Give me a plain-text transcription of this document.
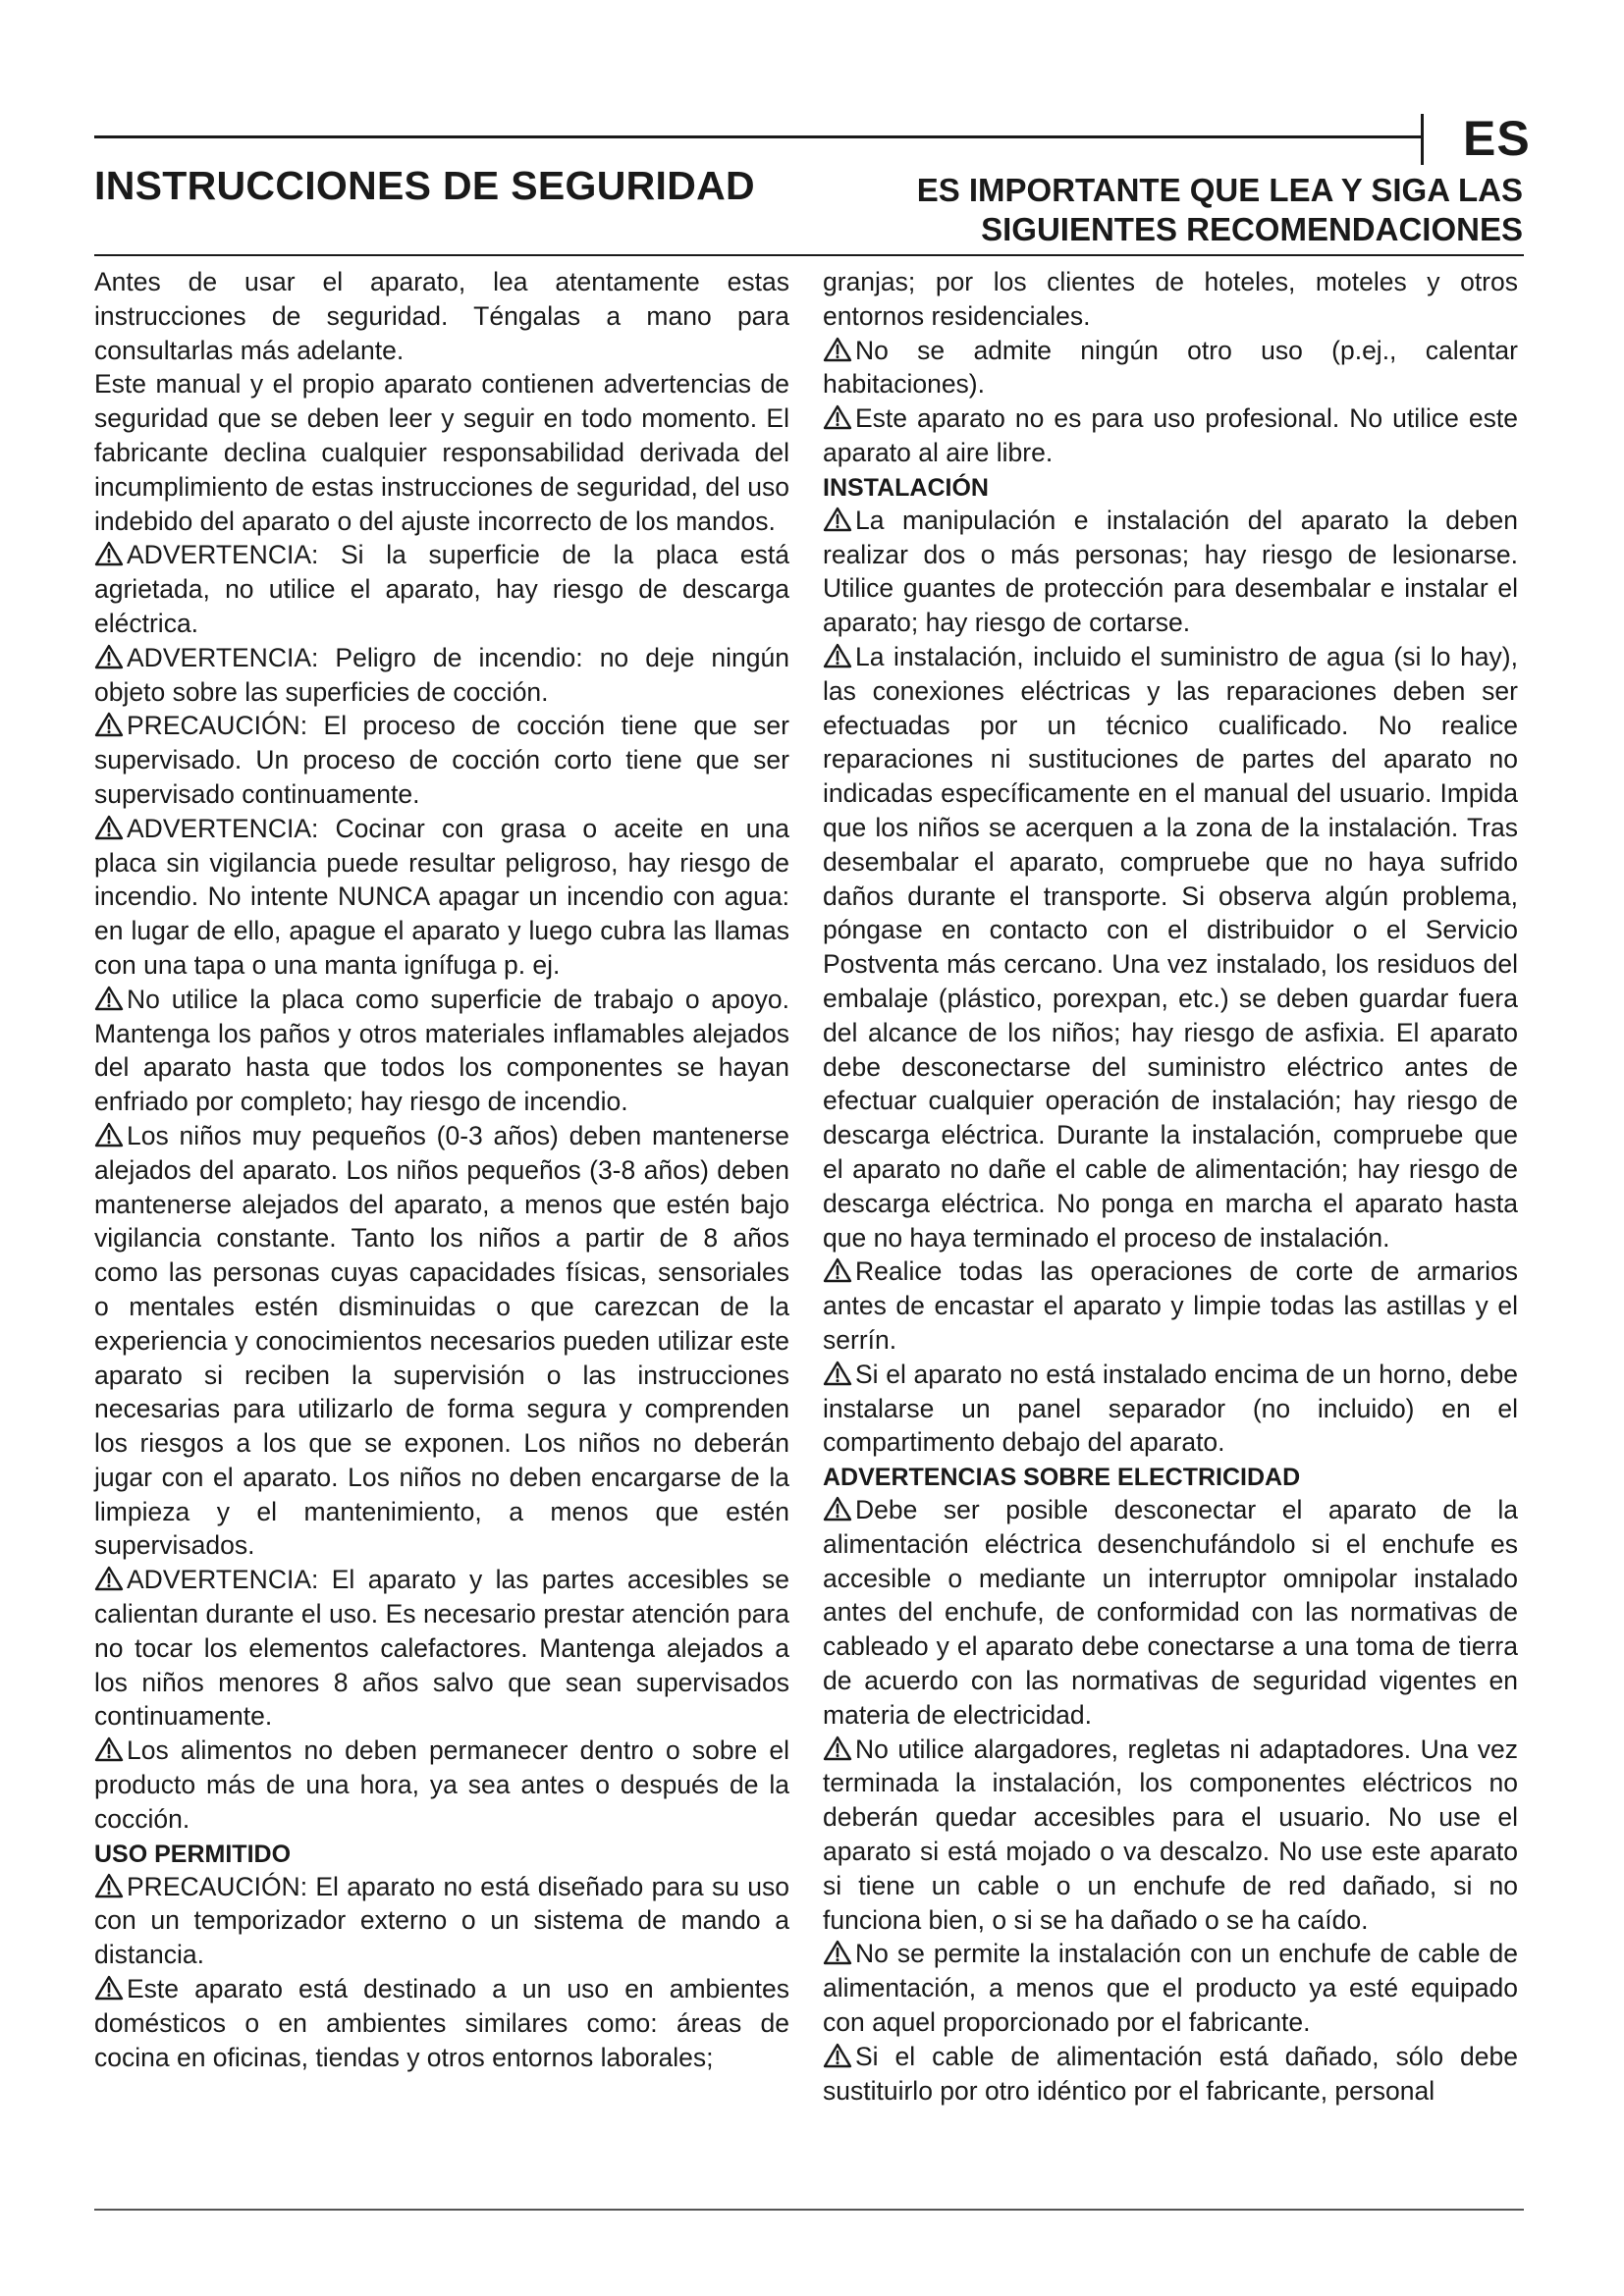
ES
INSTRUCCIONES DE SEGURIDAD	ES IMPORTANTE QUE LEA Y SIGA LAS
SIGUIENTES RECOMENDACIONES

Antes de usar el aparato, lea atentamente estas instrucciones de seguridad. Téngalas a mano para consultarlas más adelante.

Este manual y el propio aparato contienen advertencias de seguridad que se deben leer y seguir en todo momento. El fabricante declina cualquier responsabilidad derivada del incumplimiento de estas instrucciones de seguridad, del uso indebido del aparato o del ajuste incorrecto de los mandos.

ADVERTENCIA: Si la superficie de la placa está agrietada, no utilice el aparato, hay riesgo de descarga eléctrica.

ADVERTENCIA: Peligro de incendio: no deje ningún objeto sobre las superficies de cocción.

PRECAUCIÓN: El proceso de cocción tiene que ser supervisado. Un proceso de cocción corto tiene que ser supervisado continuamente.

ADVERTENCIA: Cocinar con grasa o aceite en una placa sin vigilancia puede resultar peligroso, hay riesgo de incendio. No intente NUNCA apagar un incendio con agua: en lugar de ello, apague el aparato y luego cubra las llamas con una tapa o una manta ignífuga p. ej.

No utilice la placa como superficie de trabajo o apoyo. Mantenga los paños y otros materiales inflamables alejados del aparato hasta que todos los componentes se hayan enfriado por completo; hay riesgo de incendio.

Los niños muy pequeños (0-3 años) deben mantenerse alejados del aparato. Los niños pequeños (3-8 años) deben mantenerse alejados del aparato, a menos que estén bajo vigilancia constante. Tanto los niños a partir de 8 años como las personas cuyas capacidades físicas, sensoriales o mentales estén disminuidas o que carezcan de la experiencia y conocimientos necesarios pueden utilizar este aparato si reciben la supervisión o las instrucciones necesarias para utilizarlo de forma segura y comprenden los riesgos a los que se exponen. Los niños no deberán jugar con el aparato. Los niños no deben encargarse de la limpieza y el mantenimiento, a menos que estén supervisados.

ADVERTENCIA: El aparato y las partes accesibles se calientan durante el uso. Es necesario prestar atención para no tocar los elementos calefactores. Mantenga alejados a los niños menores 8 años salvo que sean supervisados continuamente.

Los alimentos no deben permanecer dentro o sobre el producto más de una hora, ya sea antes o después de la cocción.

USO PERMITIDO

PRECAUCIÓN: El aparato no está diseñado para su uso con un temporizador externo o un sistema de mando a distancia.

Este aparato está destinado a un uso en ambientes domésticos o en ambientes similares como: áreas de cocina en oficinas, tiendas y otros entornos laborales;

granjas; por los clientes de hoteles, moteles y otros entornos residenciales.

No se admite ningún otro uso (p.ej., calentar habitaciones).

Este aparato no es para uso profesional. No utilice este aparato al aire libre.

INSTALACIÓN

La manipulación e instalación del aparato la deben realizar dos o más personas; hay riesgo de lesionarse. Utilice guantes de protección para desembalar e instalar el aparato; hay riesgo de cortarse.

La instalación, incluido el suministro de agua (si lo hay), las conexiones eléctricas y las reparaciones deben ser efectuadas por un técnico cualificado. No realice reparaciones ni sustituciones de partes del aparato no indicadas específicamente en el manual del usuario. Impida que los niños se acerquen a la zona de la instalación. Tras desembalar el aparato, compruebe que no haya sufrido daños durante el transporte. Si observa algún problema, póngase en contacto con el distribuidor o el Servicio Postventa más cercano. Una vez instalado, los residuos del embalaje (plástico, porexpan, etc.) se deben guardar fuera del alcance de los niños; hay riesgo de asfixia. El aparato debe desconectarse del suministro eléctrico antes de efectuar cualquier operación de instalación; hay riesgo de descarga eléctrica. Durante la instalación, compruebe que el aparato no dañe el cable de alimentación; hay riesgo de descarga eléctrica. No ponga en marcha el aparato hasta que no haya terminado el proceso de instalación.

Realice todas las operaciones de corte de armarios antes de encastar el aparato y limpie todas las astillas y el serrín.

Si el aparato no está instalado encima de un horno, debe instalarse un panel separador (no incluido) en el compartimento debajo del aparato.

ADVERTENCIAS SOBRE ELECTRICIDAD

Debe ser posible desconectar el aparato de la alimentación eléctrica desenchufándolo si el enchufe es accesible o mediante un interruptor omnipolar instalado antes del enchufe, de conformidad con las normativas de cableado y el aparato debe conectarse a una toma de tierra de acuerdo con las normativas de seguridad vigentes en materia de electricidad.

No utilice alargadores, regletas ni adaptadores. Una vez terminada la instalación, los componentes eléctricos no deberán quedar accesibles para el usuario. No use el aparato si está mojado o va descalzo. No use este aparato si tiene un cable o un enchufe de red dañado, si no funciona bien, o si se ha dañado o se ha caído.

No se permite la instalación con un enchufe de cable de alimentación, a menos que el producto ya esté equipado con aquel proporcionado por el fabricante.

Si el cable de alimentación está dañado, sólo debe sustituirlo por otro idéntico por el fabricante, personal
